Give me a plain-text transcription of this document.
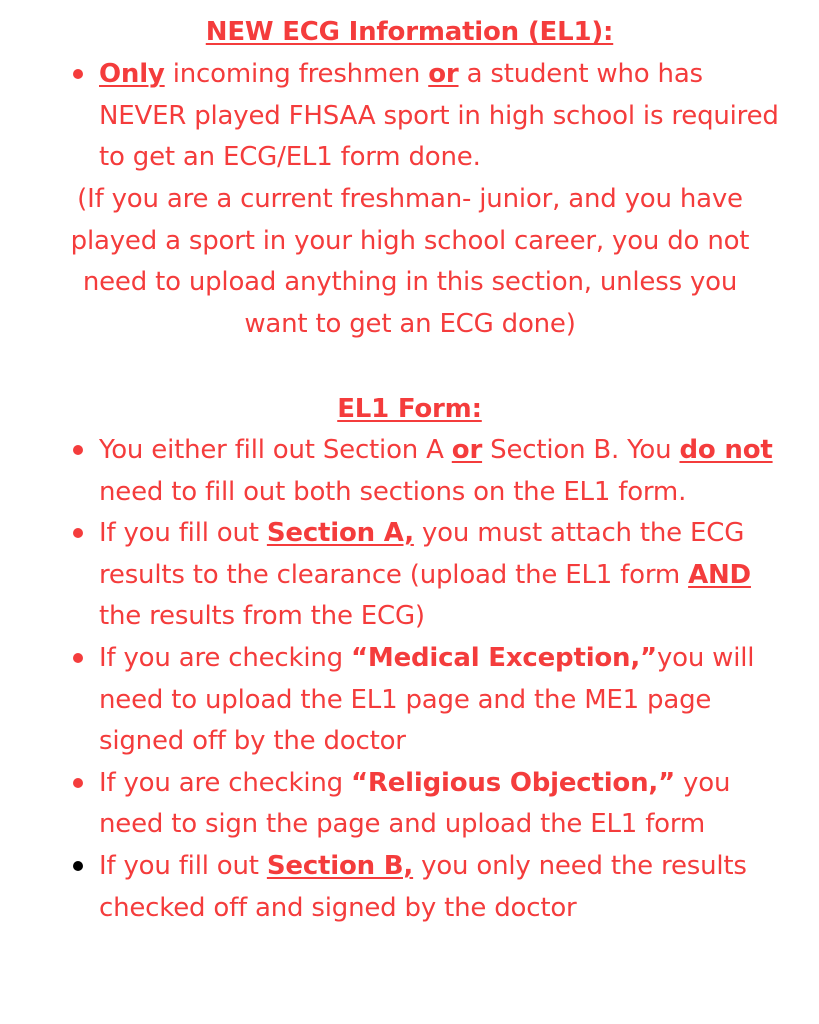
NEW ECG Information (EL1):
Only incoming freshmen or a student who has NEVER played FHSAA sport in high school is required to get an ECG/EL1 form done.

(If you are a current freshman- junior, and you have played a sport in your high school career, you do not need to upload anything in this section, unless you want to get an ECG done)

EL1 Form:
You either fill out Section A or Section B. You do not need to fill out both sections on the EL1 form.
If you fill out Section A, you must attach the ECG results to the clearance (upload the EL1 form AND the results from the ECG)
If you are checking “Medical Exception,”you will need to upload the EL1 page and the ME1 page signed off by the doctor
If you are checking “Religious Objection,” you need to sign the page and upload the EL1 form
If you fill out Section B, you only need the results checked off and signed by the doctor
